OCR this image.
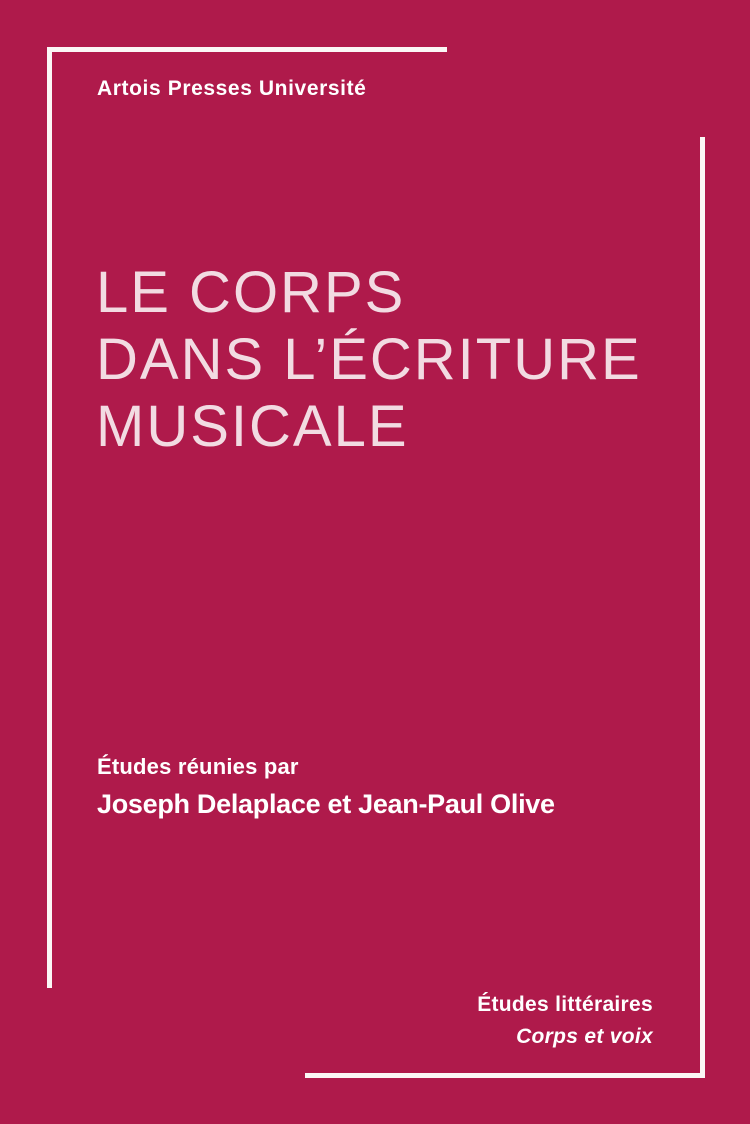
Artois Presses Université
LE CORPS
DANS L’ÉCRITURE
MUSICALE
Études réunies par
Joseph Delaplace et Jean-Paul Olive
Études littéraires
Corps et voix
